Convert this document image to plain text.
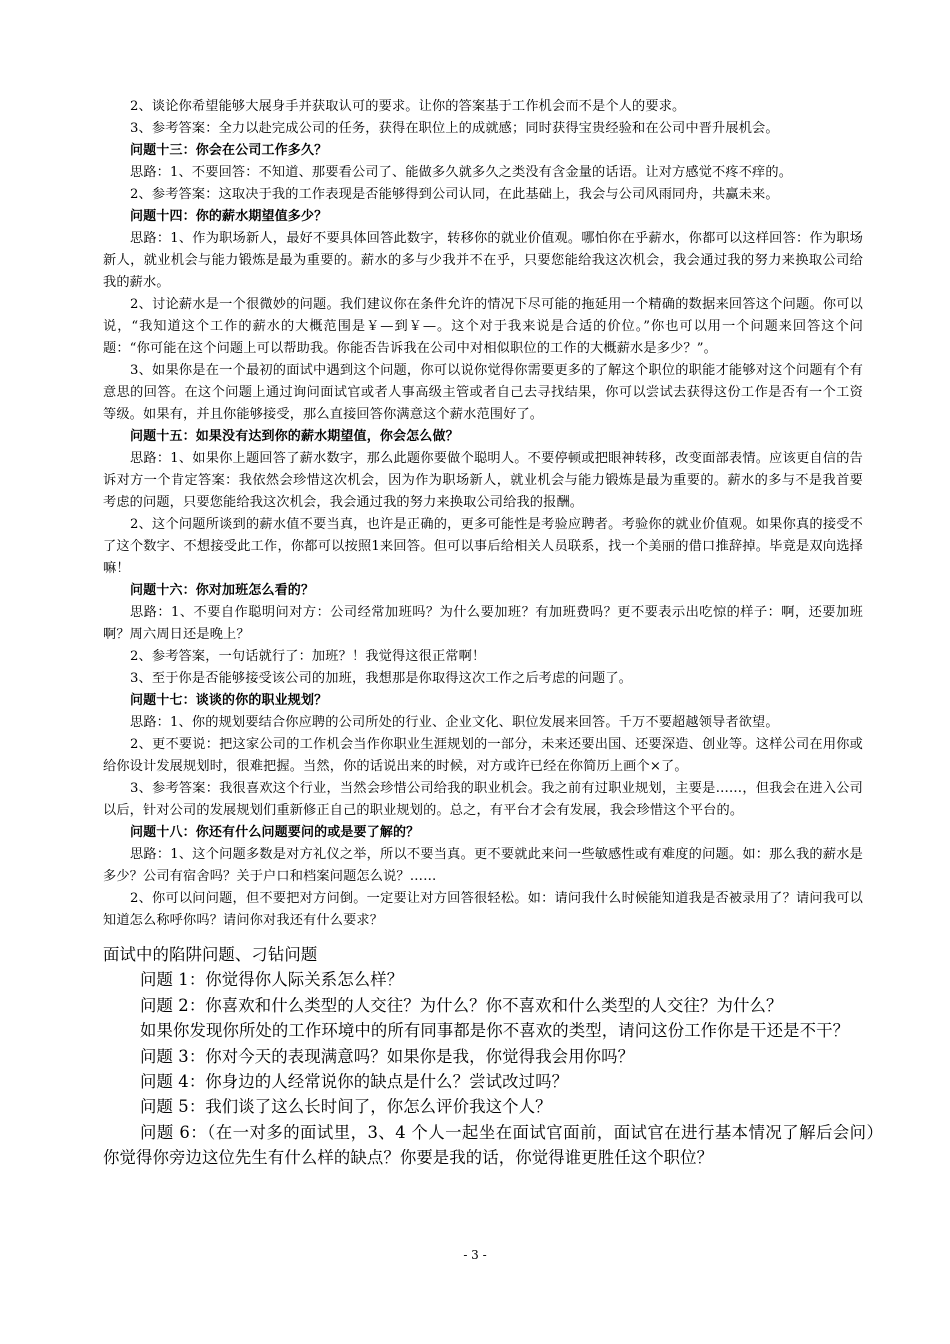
2、谈论你希望能够大展身手并获取认可的要求。让你的答案基于工作机会而不是个人的要求。

3、参考答案：全力以赴完成公司的任务，获得在职位上的成就感；同时获得宝贵经验和在公司中晋升展机会。

问题十三：你会在公司工作多久？

思路：1、不要回答：不知道、那要看公司了、能做多久就多久之类没有含金量的话语。让对方感觉不疼不痒的。

2、参考答案：这取决于我的工作表现是否能够得到公司认同，在此基础上，我会与公司风雨同舟，共赢未来。

问题十四：你的薪水期望值多少？

思路：1、作为职场新人，最好不要具体回答此数字，转移你的就业价值观。哪怕你在乎薪水，你都可以这样回答：作为职场新人，就业机会与能力锻炼是最为重要的。薪水的多与少我并不在乎，只要您能给我这次机会，我会通过我的努力来换取公司给我的薪水。

2、讨论薪水是一个很微妙的问题。我们建议你在条件允许的情况下尽可能的拖延用一个精确的数据来回答这个问题。你可以说，“我知道这个工作的薪水的大概范围是￥—到￥—。这个对于我来说是合适的价位。”你也可以用一个问题来回答这个问题：“你可能在这个问题上可以帮助我。你能否告诉我在公司中对相似职位的工作的大概薪水是多少？”。

3、如果你是在一个最初的面试中遇到这个问题，你可以说你觉得你需要更多的了解这个职位的职能才能够对这个问题有个有意思的回答。在这个问题上通过询问面试官或者人事高级主管或者自己去寻找结果，你可以尝试去获得这份工作是否有一个工资等级。如果有，并且你能够接受，那么直接回答你满意这个薪水范围好了。

问题十五：如果没有达到你的薪水期望值，你会怎么做？

思路：1、如果你上题回答了薪水数字，那么此题你要做个聪明人。不要停顿或把眼神转移，改变面部表情。应该更自信的告诉对方一个肯定答案：我依然会珍惜这次机会，因为作为职场新人，就业机会与能力锻炼是最为重要的。薪水的多与不是我首要考虑的问题，只要您能给我这次机会，我会通过我的努力来换取公司给我的报酬。

2、这个问题所谈到的薪水值不要当真，也许是正确的，更多可能性是考验应聘者。考验你的就业价值观。如果你真的接受不了这个数字、不想接受此工作，你都可以按照1来回答。但可以事后给相关人员联系，找一个美丽的借口推辞掉。毕竟是双向选择嘛！

问题十六：你对加班怎么看的？

思路：1、不要自作聪明问对方：公司经常加班吗？为什么要加班？有加班费吗？更不要表示出吃惊的样子：啊，还要加班啊？周六周日还是晚上？

2、参考答案，一句话就行了：加班？！我觉得这很正常啊！

3、至于你是否能够接受该公司的加班，我想那是你取得这次工作之后考虑的问题了。

问题十七：谈谈的你的职业规划？

思路：1、你的规划要结合你应聘的公司所处的行业、企业文化、职位发展来回答。千万不要超越领导者欲望。

2、更不要说：把这家公司的工作机会当作你职业生涯规划的一部分，未来还要出国、还要深造、创业等。这样公司在用你或给你设计发展规划时，很难把握。当然，你的话说出来的时候，对方或许已经在你简历上画个×了。

3、参考答案：我很喜欢这个行业，当然会珍惜公司给我的职业机会。我之前有过职业规划，主要是……，但我会在进入公司以后，针对公司的发展规划们重新修正自己的职业规划的。总之，有平台才会有发展，我会珍惜这个平台的。

问题十八：你还有什么问题要问的或是要了解的？

思路：1、这个问题多数是对方礼仪之举，所以不要当真。更不要就此来问一些敏感性或有难度的问题。如：那么我的薪水是多少？公司有宿舍吗？关于户口和档案问题怎么说？……

2、你可以问问题，但不要把对方问倒。一定要让对方回答很轻松。如：请问我什么时候能知道我是否被录用了？请问我可以知道怎么称呼你吗？请问你对我还有什么要求？

面试中的陷阱问题、刁钻问题

问题 1：你觉得你人际关系怎么样？

问题 2：你喜欢和什么类型的人交往？为什么？你不喜欢和什么类型的人交往？为什么？

如果你发现你所处的工作环境中的所有同事都是你不喜欢的类型，请问这份工作你是干还是不干？

问题 3：你对今天的表现满意吗？如果你是我，你觉得我会用你吗？

问题 4：你身边的人经常说你的缺点是什么？尝试改过吗？

问题 5：我们谈了这么长时间了，你怎么评价我这个人？

问题 6：（在一对多的面试里，3、4 个人一起坐在面试官面前，面试官在进行基本情况了解后会问）你觉得你旁边这位先生有什么样的缺点？你要是我的话，你觉得谁更胜任这个职位？

- 3 -
